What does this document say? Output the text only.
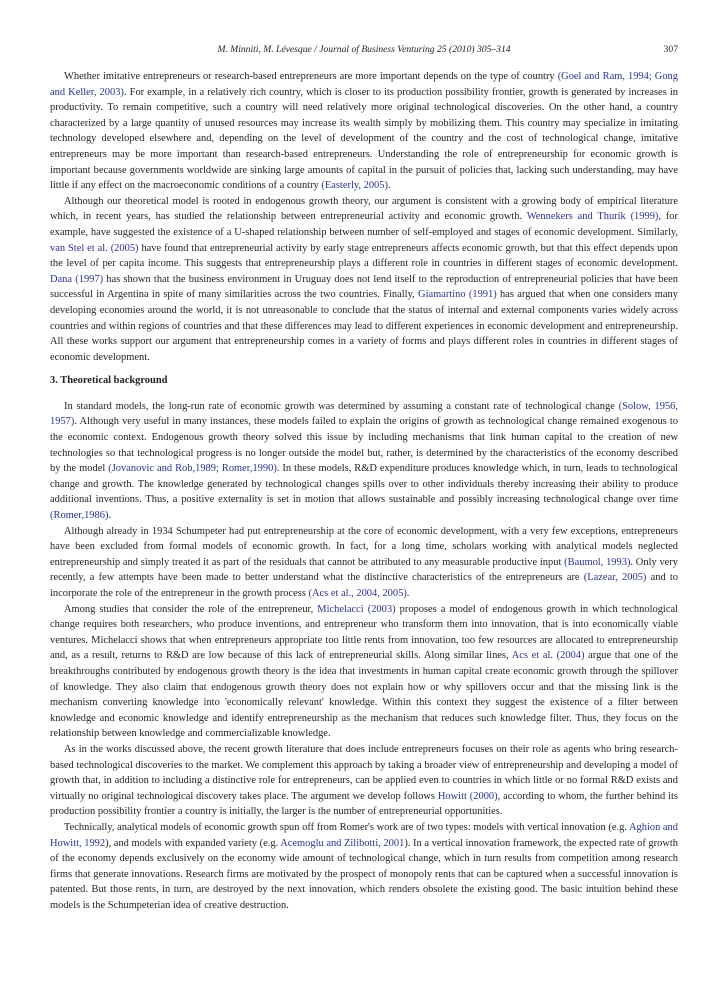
M. Minniti, M. Lévesque / Journal of Business Venturing 25 (2010) 305–314	307

Whether imitative entrepreneurs or research-based entrepreneurs are more important depends on the type of country (Goel and Ram, 1994; Gong and Keller, 2003). For example, in a relatively rich country, which is closer to its production possibility frontier, growth is generated by increases in productivity. To remain competitive, such a country will need relatively more original technological discoveries. On the other hand, a country characterized by a large quantity of unused resources may increase its wealth simply by mobilizing them. This country may specialize in imitating technology developed elsewhere and, depending on the level of development of the country and the cost of technological change, imitative entrepreneurs may be more important than research-based entrepreneurs. Understanding the role of entrepreneurship for economic growth is important because governments worldwide are sinking large amounts of capital in the pursuit of policies that, lacking such understanding, may have little if any effect on the macroeconomic conditions of a country (Easterly, 2005).

Although our theoretical model is rooted in endogenous growth theory, our argument is consistent with a growing body of empirical literature which, in recent years, has studied the relationship between entrepreneurial activity and economic growth. Wennekers and Thurik (1999), for example, have suggested the existence of a U-shaped relationship between number of self-employed and stages of economic development. Similarly, van Stel et al. (2005) have found that entrepreneurial activity by early stage entrepreneurs affects economic growth, but that this effect depends upon the level of per capita income. This suggests that entrepreneurship plays a different role in countries in different stages of economic development. Dana (1997) has shown that the business environment in Uruguay does not lend itself to the reproduction of entrepreneurial policies that have been successful in Argentina in spite of many similarities across the two countries. Finally, Giamartino (1991) has argued that when one considers many developing economies around the world, it is not unreasonable to conclude that the status of internal and external components varies widely across countries and within regions of countries and that these differences may lead to different experiences in economic development and entrepreneurship. All these works support our argument that entrepreneurship comes in a variety of forms and plays different roles in countries in different stages of economic development.

3. Theoretical background

In standard models, the long-run rate of economic growth was determined by assuming a constant rate of technological change (Solow, 1956, 1957). Although very useful in many instances, these models failed to explain the origins of growth as technological change remained exogenous to the economic context. Endogenous growth theory solved this issue by including mechanisms that link human capital to the creation of new technologies so that technological progress is no longer outside the model but, rather, is determined by the characteristics of the economy described by the model (Jovanovic and Rob,1989; Romer,1990). In these models, R&D expenditure produces knowledge which, in turn, leads to technological change and growth. The knowledge generated by technological changes spills over to other individuals thereby increasing their ability to produce additional inventions. Thus, a positive externality is set in motion that allows sustainable and possibly increasing technological change over time (Romer,1986).

Although already in 1934 Schumpeter had put entrepreneurship at the core of economic development, with a very few exceptions, entrepreneurs have been excluded from formal models of economic growth. In fact, for a long time, scholars working with analytical models neglected entrepreneurship and simply treated it as part of the residuals that cannot be attributed to any measurable productive input (Baumol, 1993). Only very recently, a few attempts have been made to better understand what the distinctive characteristics of the entrepreneurs are (Lazear, 2005) and to incorporate the role of the entrepreneur in the growth process (Acs et al., 2004, 2005).

Among studies that consider the role of the entrepreneur, Michelacci (2003) proposes a model of endogenous growth in which technological change requires both researchers, who produce inventions, and entrepreneur who transform them into innovation, that is into economically viable ventures. Michelacci shows that when entrepreneurs appropriate too little rents from innovation, too few resources are allocated to entrepreneurship and, as a result, returns to R&D are low because of this lack of entrepreneurial skills. Along similar lines, Acs et al. (2004) argue that one of the breakthroughs contributed by endogenous growth theory is the idea that investments in human capital create economic growth through the spillover of knowledge. They also claim that endogenous growth theory does not explain how or why spillovers occur and that the missing link is the mechanism converting knowledge into 'economically relevant' knowledge. Within this context they suggest the existence of a filter between knowledge and economic knowledge and identify entrepreneurship as the mechanism that reduces such knowledge filter. Thus, they focus on the relationship between knowledge and commercializable knowledge.

As in the works discussed above, the recent growth literature that does include entrepreneurs focuses on their role as agents who bring research-based technological discoveries to the market. We complement this approach by taking a broader view of entrepreneurship and developing a model of growth that, in addition to including a distinctive role for entrepreneurs, can be applied even to countries in which little or no formal R&D exists and virtually no original technological discovery takes place. The argument we develop follows Howitt (2000), according to whom, the further behind its production possibility frontier a country is initially, the larger is the number of entrepreneurial opportunities.

Technically, analytical models of economic growth spun off from Romer's work are of two types: models with vertical innovation (e.g. Aghion and Howitt, 1992), and models with expanded variety (e.g. Acemoglu and Zilibotti, 2001). In a vertical innovation framework, the expected rate of growth of the economy depends exclusively on the economy wide amount of technological change, which in turn results from competition among research firms that generate innovations. Research firms are motivated by the prospect of monopoly rents that can be captured when a successful innovation is patented. But those rents, in turn, are destroyed by the next innovation, which renders obsolete the existing good. The basic intuition behind these models is the Schumpeterian idea of creative destruction.
